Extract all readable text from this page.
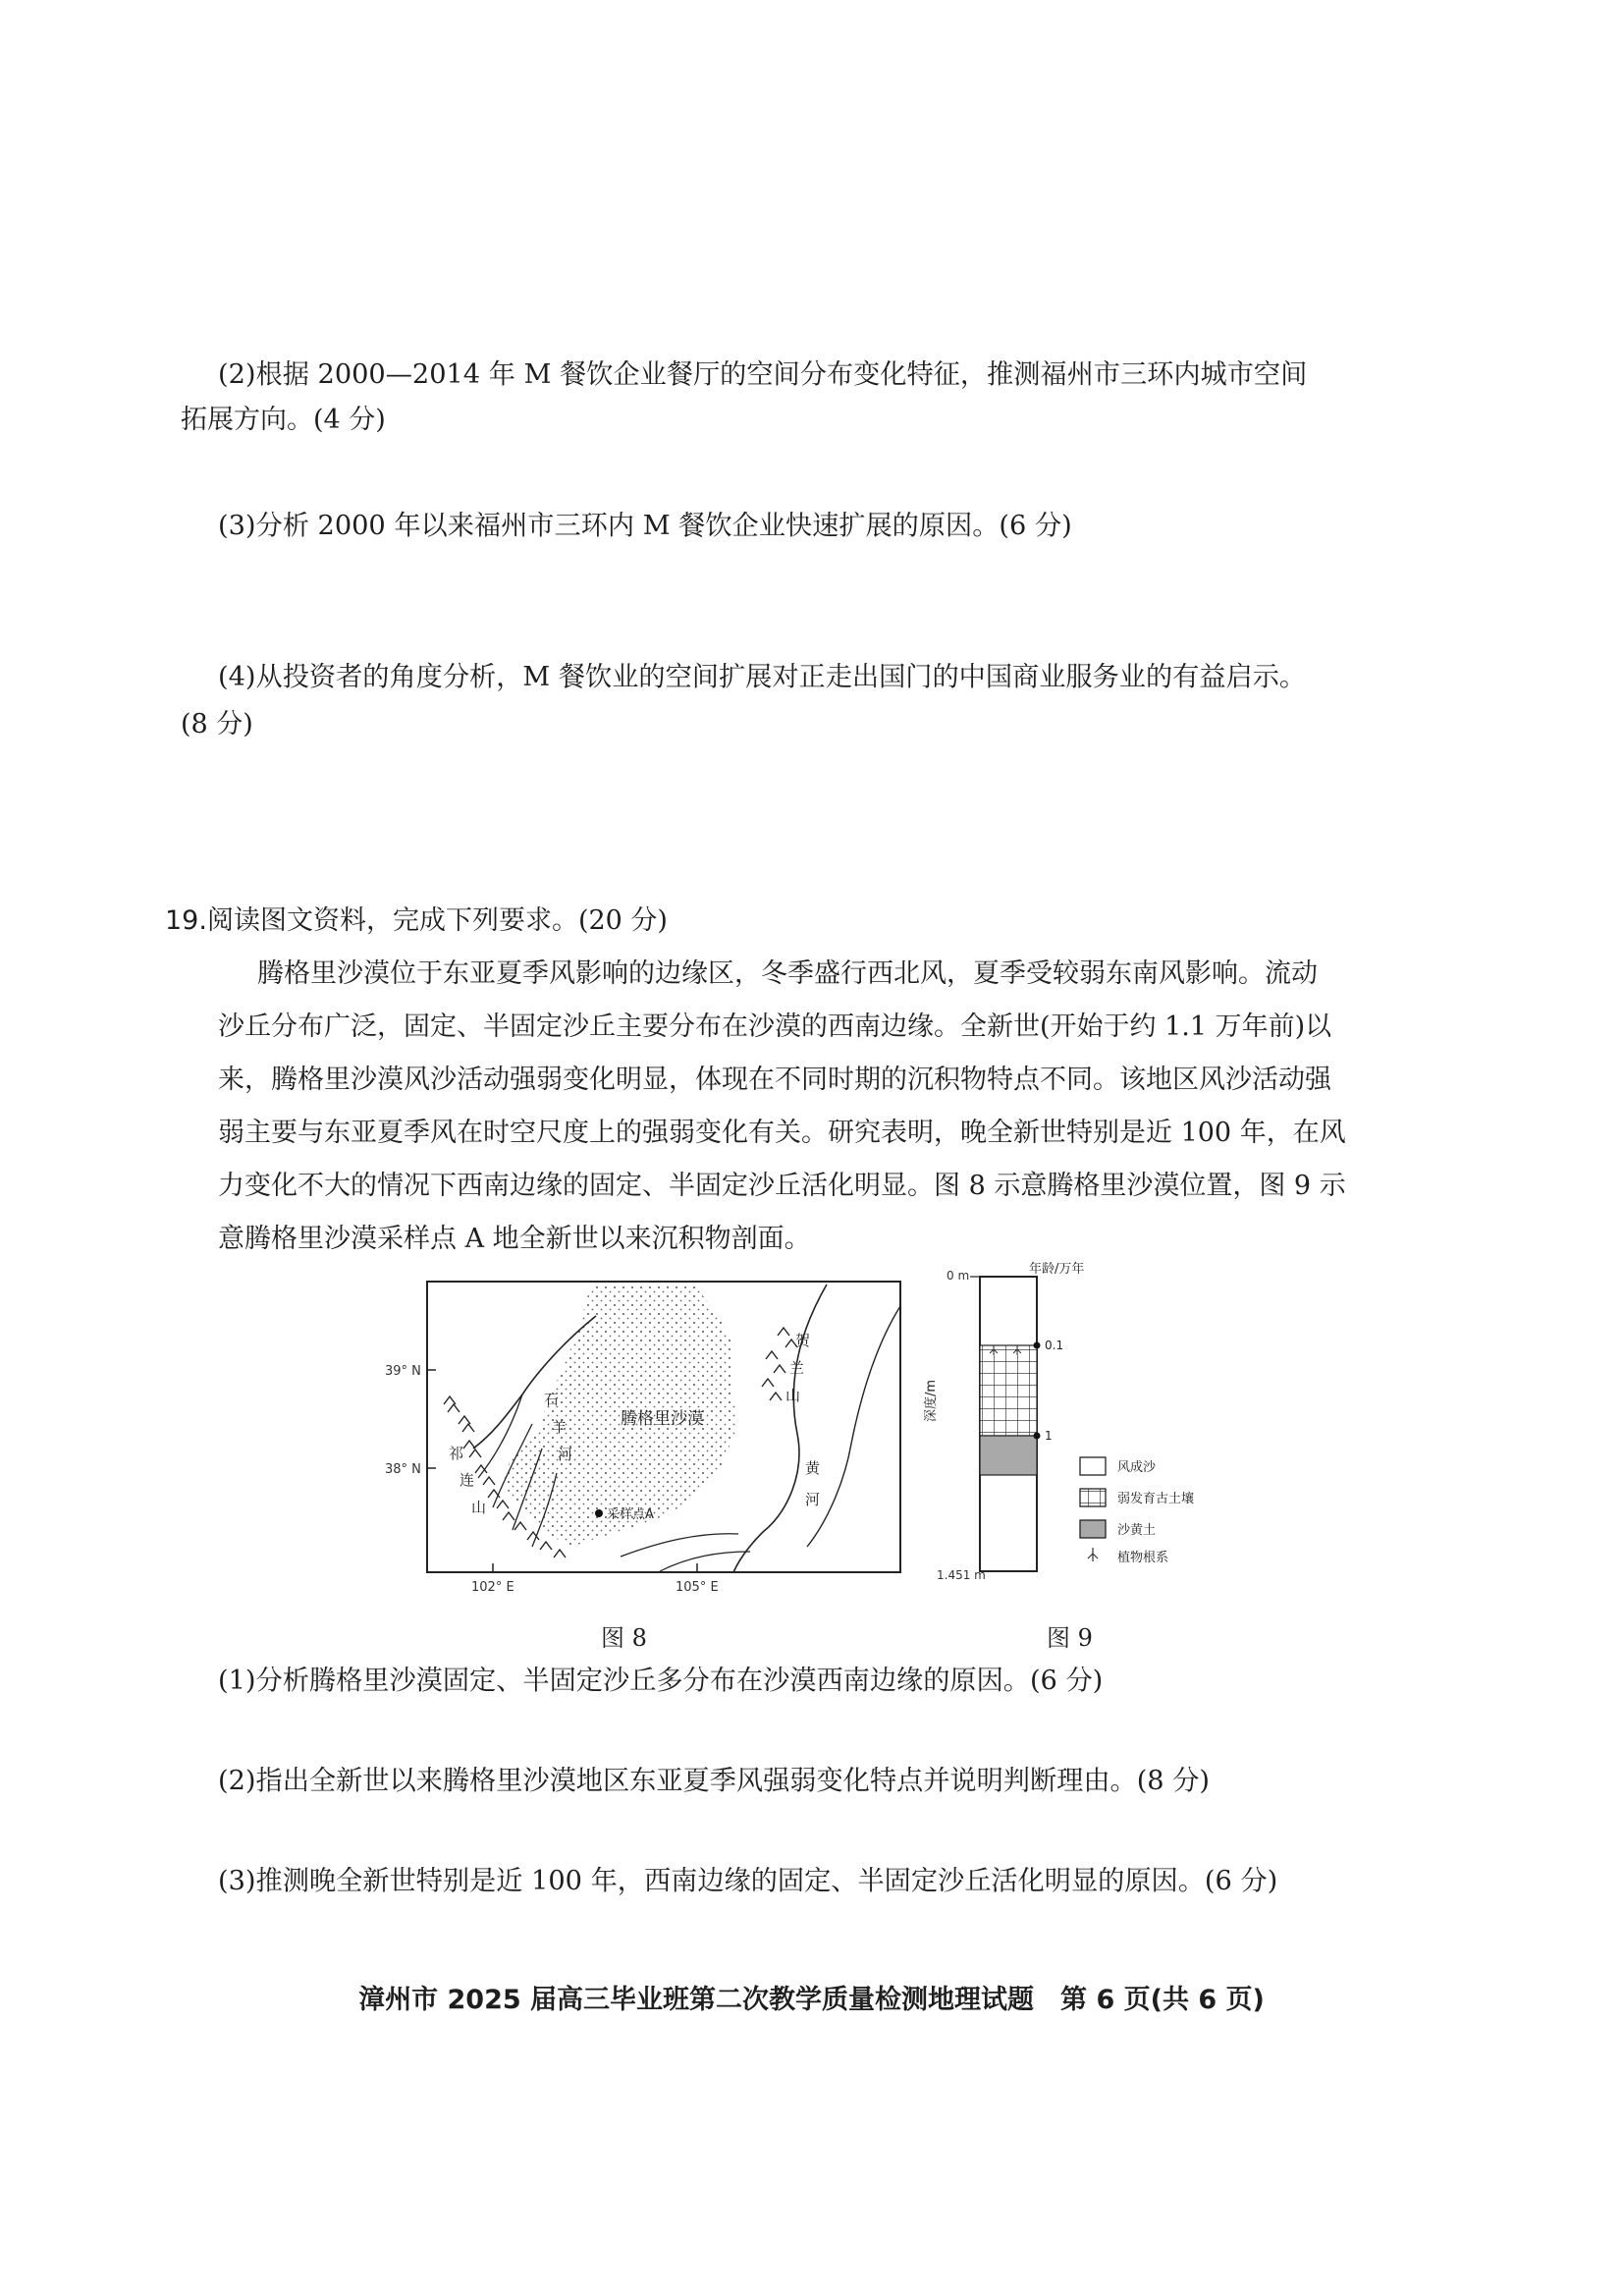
(2)根据 2000—2014 年 M 餐饮企业餐厅的空间分布变化特征，推测福州市三环内城市空间
拓展方向。(4 分)
(3)分析 2000 年以来福州市三环内 M 餐饮企业快速扩展的原因。(6 分)
(4)从投资者的角度分析，M 餐饮业的空间扩展对正走出国门的中国商业服务业的有益启示。
(8 分)
19.阅读图文资料，完成下列要求。(20 分)
腾格里沙漠位于东亚夏季风影响的边缘区，冬季盛行西北风，夏季受较弱东南风影响。流动
沙丘分布广泛，固定、半固定沙丘主要分布在沙漠的西南边缘。全新世(开始于约 1.1 万年前)以
来，腾格里沙漠风沙活动强弱变化明显，体现在不同时期的沉积物特点不同。该地区风沙活动强
弱主要与东亚夏季风在时空尺度上的强弱变化有关。研究表明，晚全新世特别是近 100 年，在风
力变化不大的情况下西南边缘的固定、半固定沙丘活化明显。图 8 示意腾格里沙漠位置，图 9 示
意腾格里沙漠采样点 A 地全新世以来沉积物剖面。
39° N
38° N
102° E	105° E
腾格里沙漠
石
羊
河
祁
连
山
贺
兰
山
黄
河
采样点A
图 8
0 m	年龄/万年
深度/m
0.1
1
1.451 m
风成沙
弱发育古土壤
沙黄土
植物根系
图 9
(1)分析腾格里沙漠固定、半固定沙丘多分布在沙漠西南边缘的原因。(6 分)
(2)指出全新世以来腾格里沙漠地区东亚夏季风强弱变化特点并说明判断理由。(8 分)
(3)推测晚全新世特别是近 100 年，西南边缘的固定、半固定沙丘活化明显的原因。(6 分)
漳州市 2025 届高三毕业班第二次教学质量检测地理试题　第 6 页(共 6 页)
